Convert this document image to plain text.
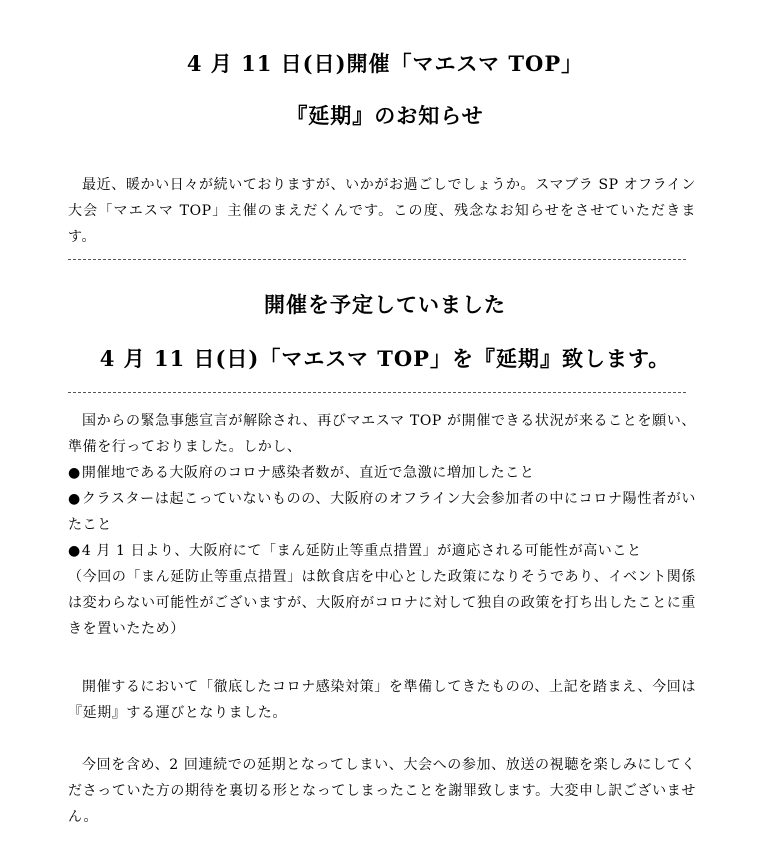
4 月 11 日(日)開催「マエスマ TOP」
『延期』のお知らせ
最近、暖かい日々が続いておりますが、いかがお過ごしでしょうか。スマブラ SP オフライン大会「マエスマ TOP」主催のまえだくんです。この度、残念なお知らせをさせていただきます。
開催を予定していました
4 月 11 日(日)「マエスマ TOP」を『延期』致します。
国からの緊急事態宣言が解除され、再びマエスマ TOP が開催できる状況が来ることを願い、準備を行っておりました。しかし、
●開催地である大阪府のコロナ感染者数が、直近で急激に増加したこと
●クラスターは起こっていないものの、大阪府のオフライン大会参加者の中にコロナ陽性者がいたこと
●4 月 1 日より、大阪府にて「まん延防止等重点措置」が適応される可能性が高いこと
（今回の「まん延防止等重点措置」は飲食店を中心とした政策になりそうであり、イベント関係は変わらない可能性がございますが、大阪府がコロナに対して独自の政策を打ち出したことに重きを置いたため）
開催するにおいて「徹底したコロナ感染対策」を準備してきたものの、上記を踏まえ、今回は『延期』する運びとなりました。
今回を含め、2 回連続での延期となってしまい、大会への参加、放送の視聴を楽しみにしてくださっていた方の期待を裏切る形となってしまったことを謝罪致します。大変申し訳ございません。
